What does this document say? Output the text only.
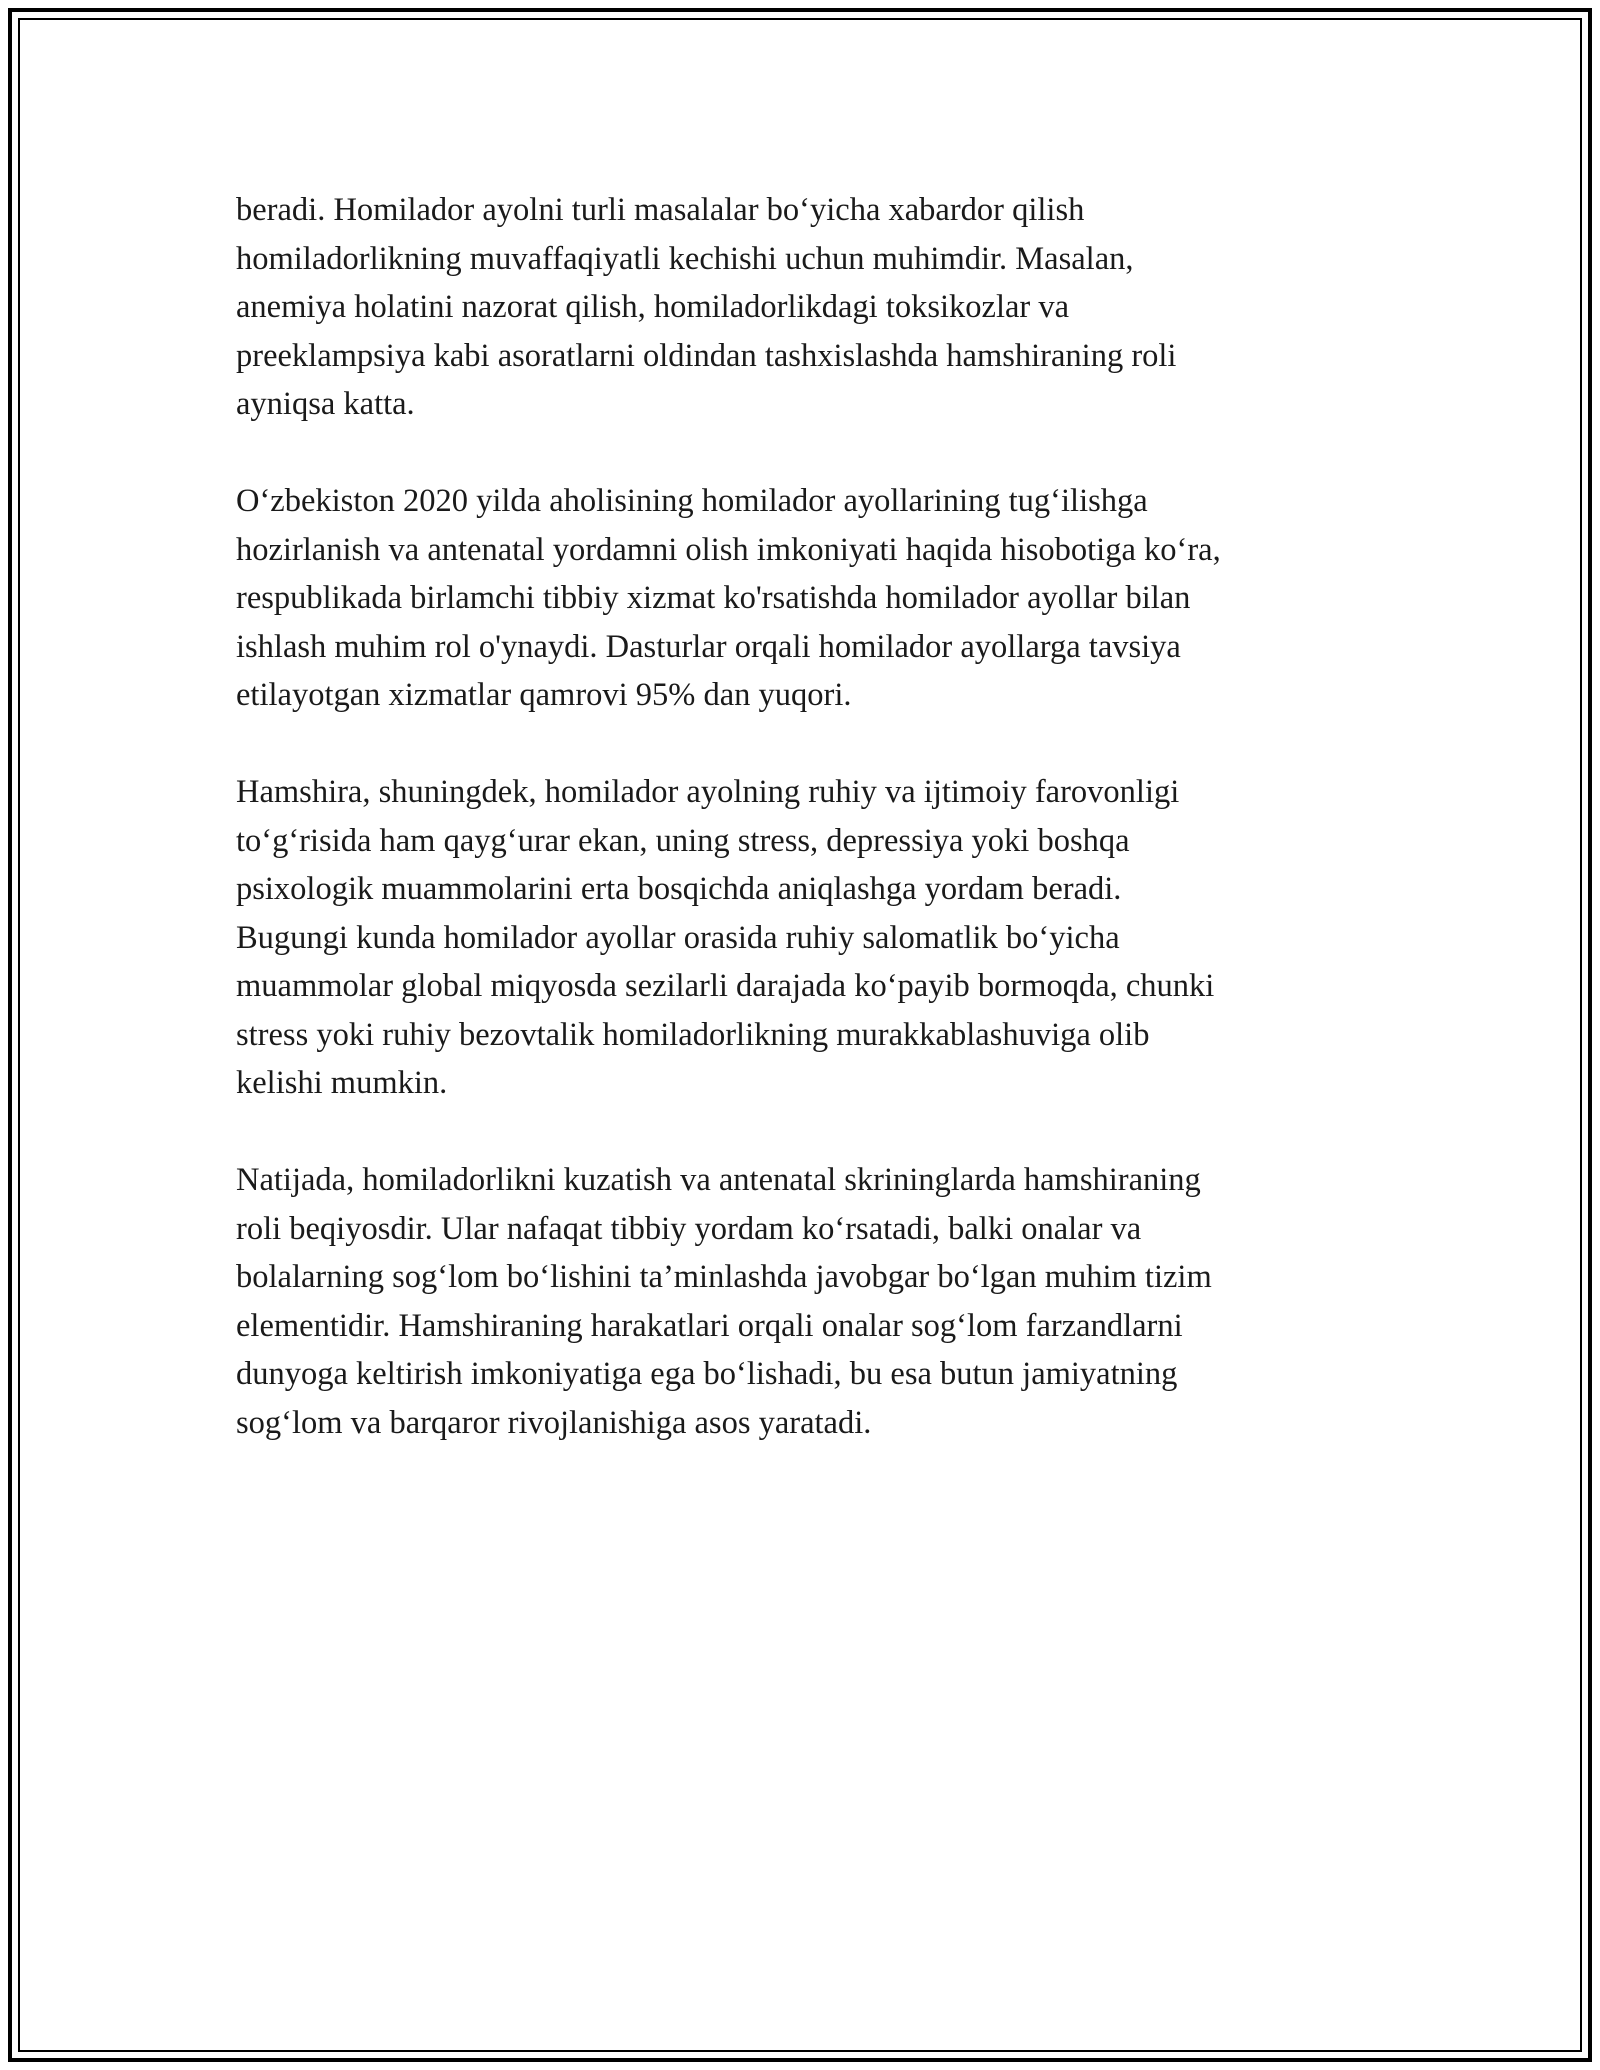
beradi. Homilador ayolni turli masalalar bo‘yicha xabardor qilish
homiladorlikning muvaffaqiyatli kechishi uchun muhimdir. Masalan,
anemiya holatini nazorat qilish, homiladorlikdagi toksikozlar va
preeklampsiya kabi asoratlarni oldindan tashxislashda hamshiraning roli
ayniqsa katta.

O‘zbekiston 2020 yilda aholisining homilador ayollarining tug‘ilishga
hozirlanish va antenatal yordamni olish imkoniyati haqida hisobotiga ko‘ra,
respublikada birlamchi tibbiy xizmat ko'rsatishda homilador ayollar bilan
ishlash muhim rol o'ynaydi. Dasturlar orqali homilador ayollarga tavsiya
etilayotgan xizmatlar qamrovi 95% dan yuqori.

Hamshira, shuningdek, homilador ayolning ruhiy va ijtimoiy farovonligi
to‘g‘risida ham qayg‘urar ekan, uning stress, depressiya yoki boshqa
psixologik muammolarini erta bosqichda aniqlashga yordam beradi.
Bugungi kunda homilador ayollar orasida ruhiy salomatlik bo‘yicha
muammolar global miqyosda sezilarli darajada ko‘payib bormoqda, chunki
stress yoki ruhiy bezovtalik homiladorlikning murakkablashuviga olib
kelishi mumkin.

Natijada, homiladorlikni kuzatish va antenatal skrininglarda hamshiraning
roli beqiyosdir. Ular nafaqat tibbiy yordam ko‘rsatadi, balki onalar va
bolalarning sog‘lom bo‘lishini ta’minlashda javobgar bo‘lgan muhim tizim
elementidir. Hamshiraning harakatlari orqali onalar sog‘lom farzandlarni
dunyoga keltirish imkoniyatiga ega bo‘lishadi, bu esa butun jamiyatning
sog‘lom va barqaror rivojlanishiga asos yaratadi.
